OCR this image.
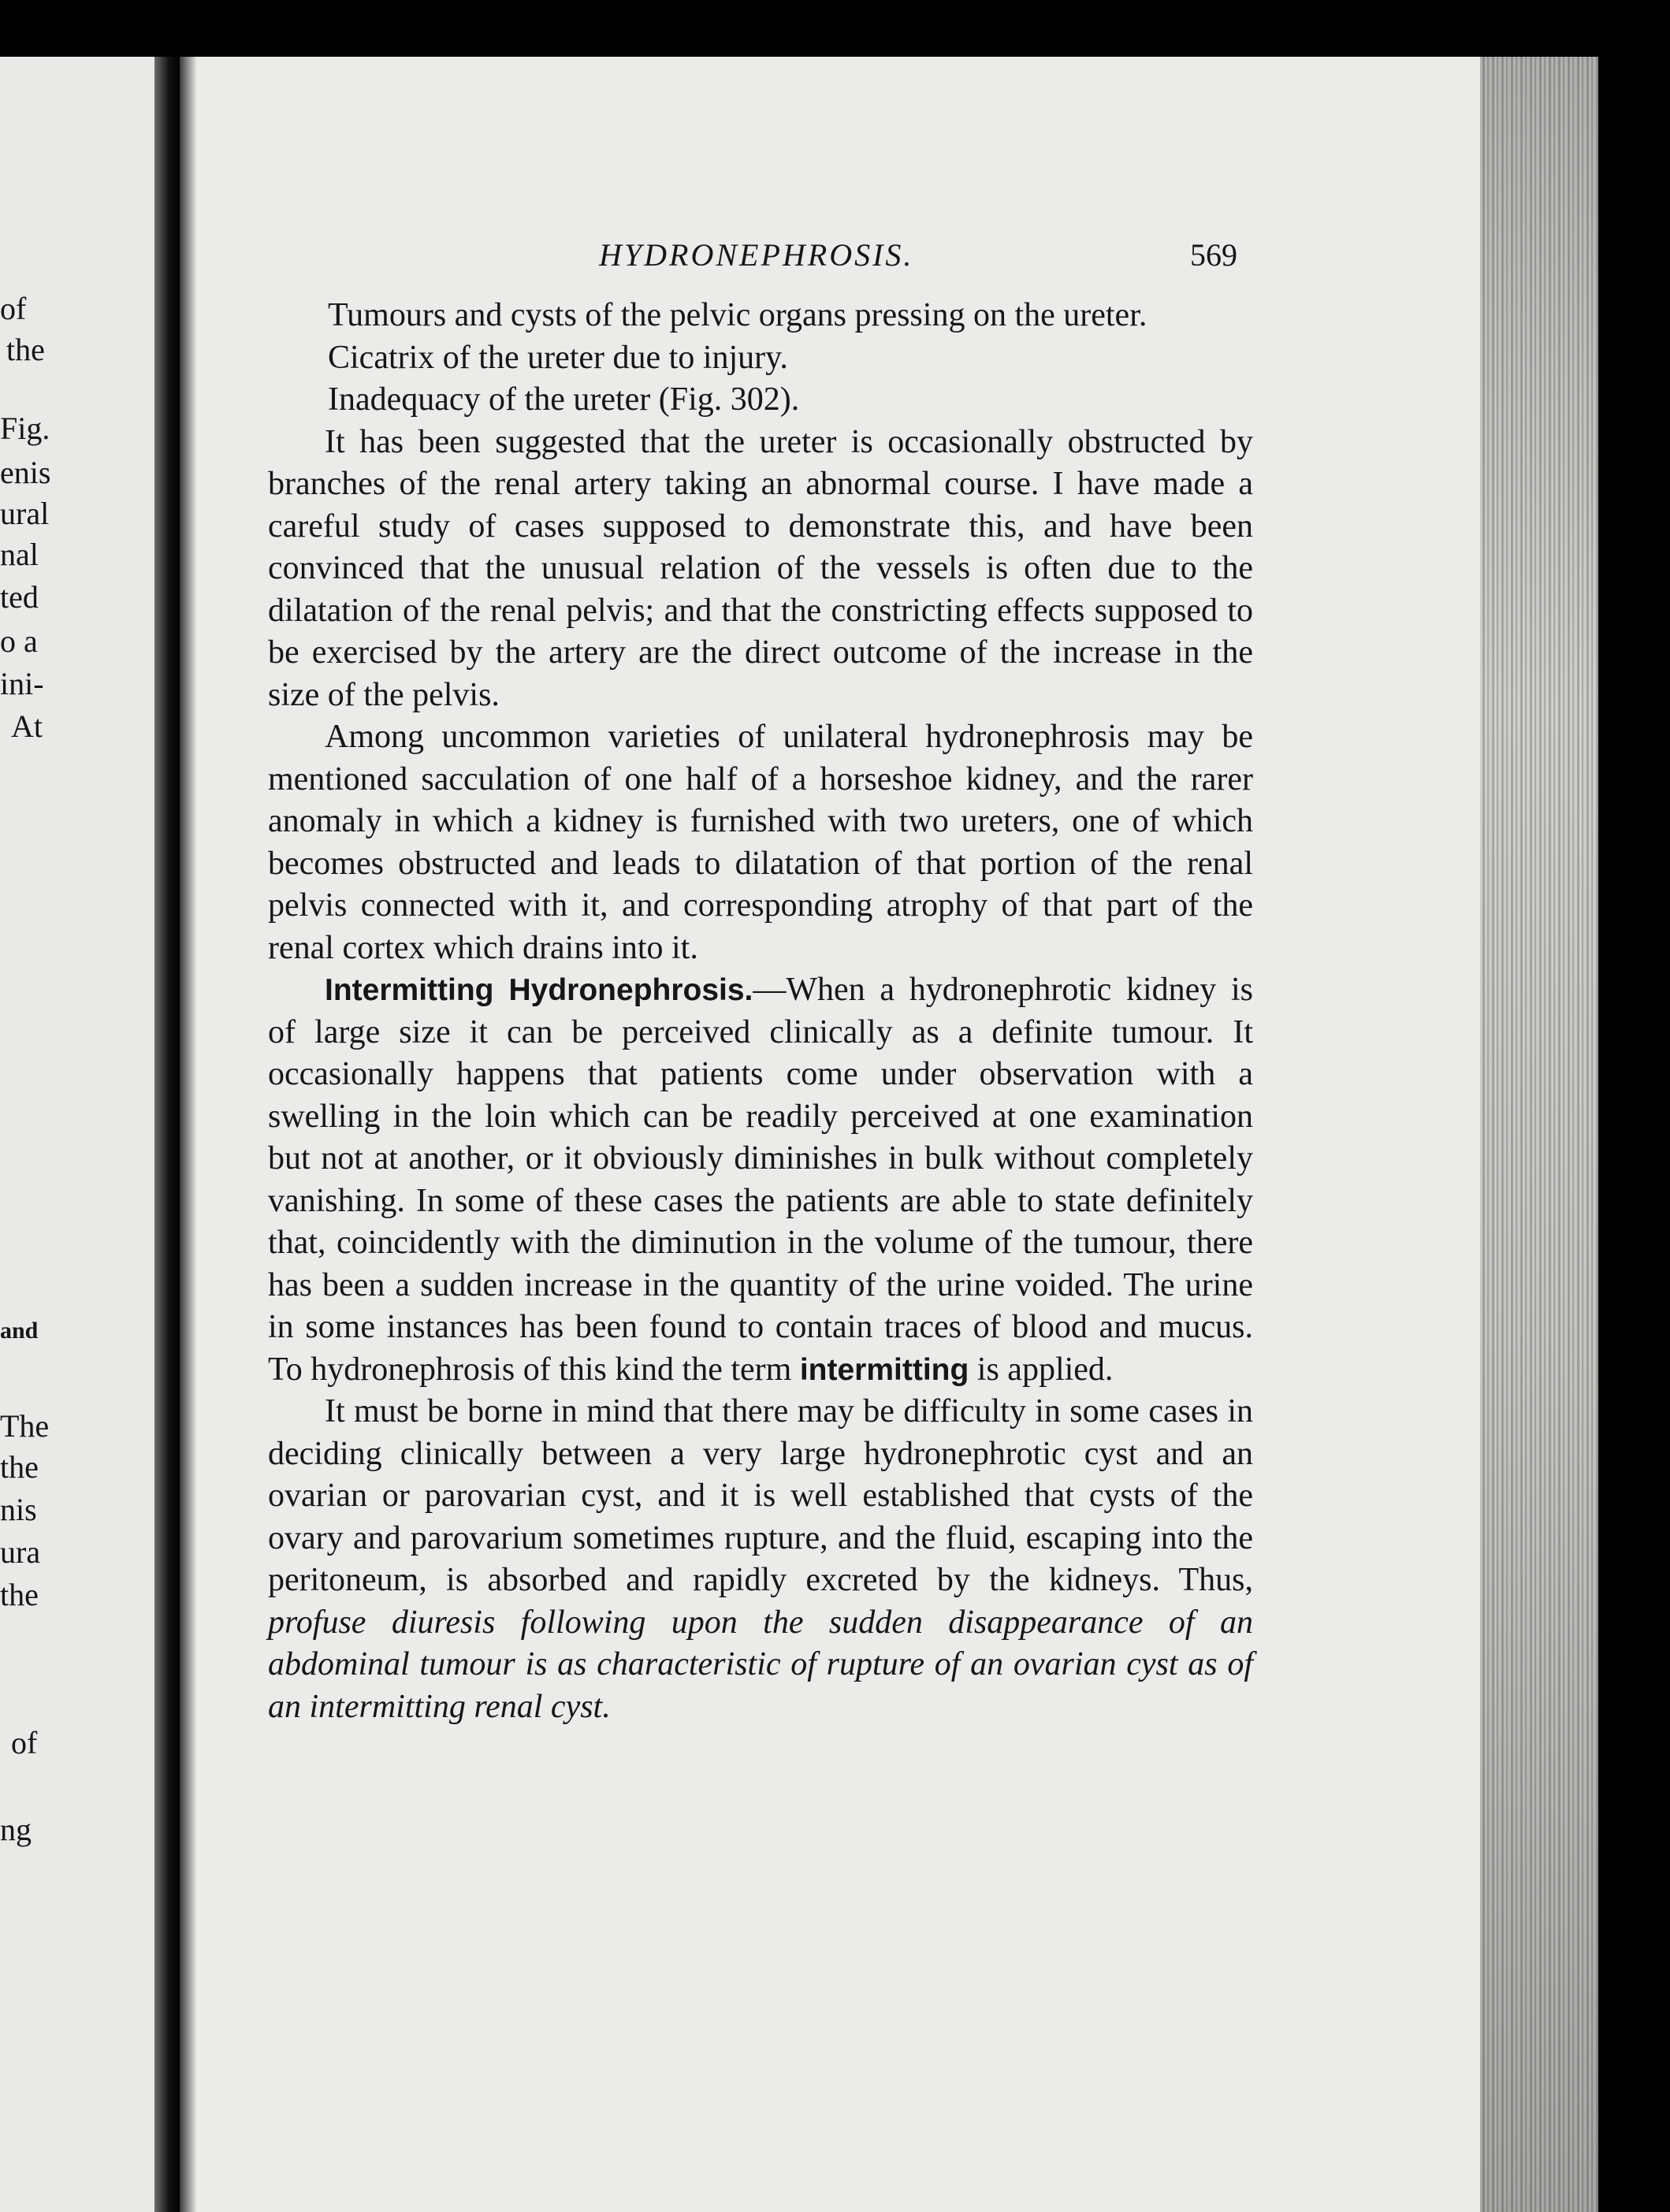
of
the
Fig.
enis
ural
nal
ted
o a
ini-
At
and
The
the
nis
ura
the
of
ng
HYDRONEPHROSIS.	569

Tumours and cysts of the pelvic organs pressing on the ureter.

Cicatrix of the ureter due to injury.

Inadequacy of the ureter (Fig. 302).

It has been suggested that the ureter is occasionally obstructed by branches of the renal artery taking an abnormal course. I have made a careful study of cases supposed to demonstrate this, and have been convinced that the unusual relation of the vessels is often due to the dilatation of the renal pelvis; and that the constricting effects supposed to be exercised by the artery are the direct outcome of the increase in the size of the pelvis.

Among uncommon varieties of unilateral hydronephrosis may be mentioned sacculation of one half of a horseshoe kidney, and the rarer anomaly in which a kidney is furnished with two ureters, one of which becomes obstructed and leads to dilatation of that portion of the renal pelvis connected with it, and corresponding atrophy of that part of the renal cortex which drains into it.

Intermitting Hydronephrosis.—When a hydronephrotic kidney is of large size it can be perceived clinically as a definite tumour. It occasionally happens that patients come under observation with a swelling in the loin which can be readily perceived at one examination but not at another, or it obviously diminishes in bulk without completely vanishing. In some of these cases the patients are able to state definitely that, coincidently with the diminution in the volume of the tumour, there has been a sudden increase in the quantity of the urine voided. The urine in some instances has been found to contain traces of blood and mucus. To hydronephrosis of this kind the term intermitting is applied.

It must be borne in mind that there may be difficulty in some cases in deciding clinically between a very large hydronephrotic cyst and an ovarian or parovarian cyst, and it is well established that cysts of the ovary and parovarium sometimes rupture, and the fluid, escaping into the peritoneum, is absorbed and rapidly excreted by the kidneys. Thus, profuse diuresis following upon the sudden disappearance of an abdominal tumour is as characteristic of rupture of an ovarian cyst as of an intermitting renal cyst.
